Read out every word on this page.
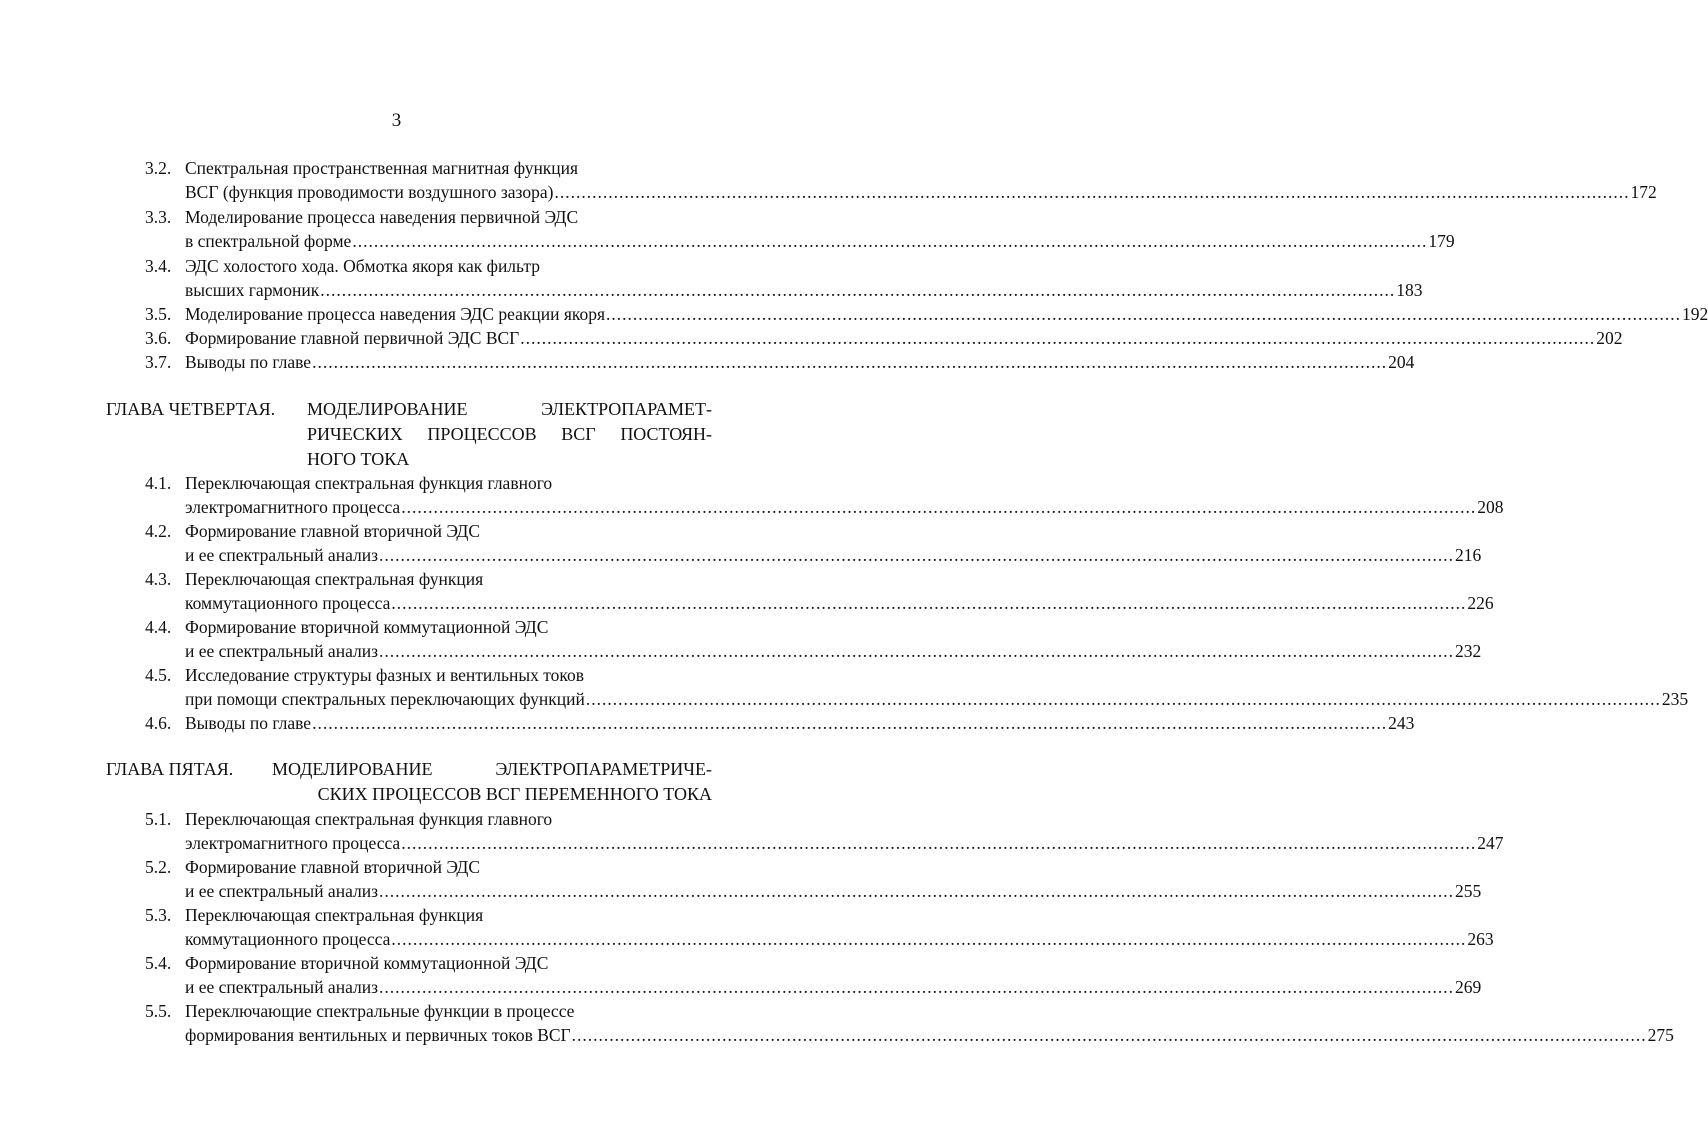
3
3.2. Спектральная пространственная магнитная функция
ВСГ (функция проводимости воздушного зазора) ........................................................................................................................................................................................................ 172
3.3. Моделирование процесса наведения первичной ЭДС
в спектральной форме ........................................................................................................................................................................................................ 179
3.4. ЭДС холостого хода. Обмотка якоря как фильтр
высших гармоник ........................................................................................................................................................................................................ 183
3.5. Моделирование процесса наведения ЭДС реакции якоря ........................................................................................................................................................................................................ 192
3.6. Формирование главной первичной ЭДС ВСГ ........................................................................................................................................................................................................ 202
3.7. Выводы по главе ........................................................................................................................................................................................................ 204
ГЛАВА ЧЕТВЕРТАЯ. МОДЕЛИРОВАНИЕ	ЭЛЕКТРОПАРАМЕТ-
РИЧЕСКИХ ПРОЦЕССОВ ВСГ ПОСТОЯН-
НОГО ТОКА
4.1. Переключающая спектральная функция главного
электромагнитного процесса ........................................................................................................................................................................................................ 208
4.2. Формирование главной вторичной ЭДС
и ее спектральный анализ ........................................................................................................................................................................................................ 216
4.3. Переключающая спектральная функция
коммутационного процесса ........................................................................................................................................................................................................ 226
4.4. Формирование вторичной коммутационной ЭДС
и ее спектральный анализ ........................................................................................................................................................................................................ 232
4.5. Исследование структуры фазных и вентильных токов
при помощи спектральных переключающих функций ........................................................................................................................................................................................................ 235
4.6. Выводы по главе ........................................................................................................................................................................................................ 243
ГЛАВА ПЯТАЯ. МОДЕЛИРОВАНИЕ	ЭЛЕКТРОПАРАМЕТРИЧЕ-
СКИХ ПРОЦЕССОВ ВСГ ПЕРЕМЕННОГО ТОКА
5.1. Переключающая спектральная функция главного
электромагнитного процесса ........................................................................................................................................................................................................ 247
5.2. Формирование главной вторичной ЭДС
и ее спектральный анализ ........................................................................................................................................................................................................ 255
5.3. Переключающая спектральная функция
коммутационного процесса ........................................................................................................................................................................................................ 263
5.4. Формирование вторичной коммутационной ЭДС
и ее спектральный анализ ........................................................................................................................................................................................................ 269
5.5. Переключающие спектральные функции в процессе
формирования вентильных и первичных токов ВСГ ........................................................................................................................................................................................................ 275
